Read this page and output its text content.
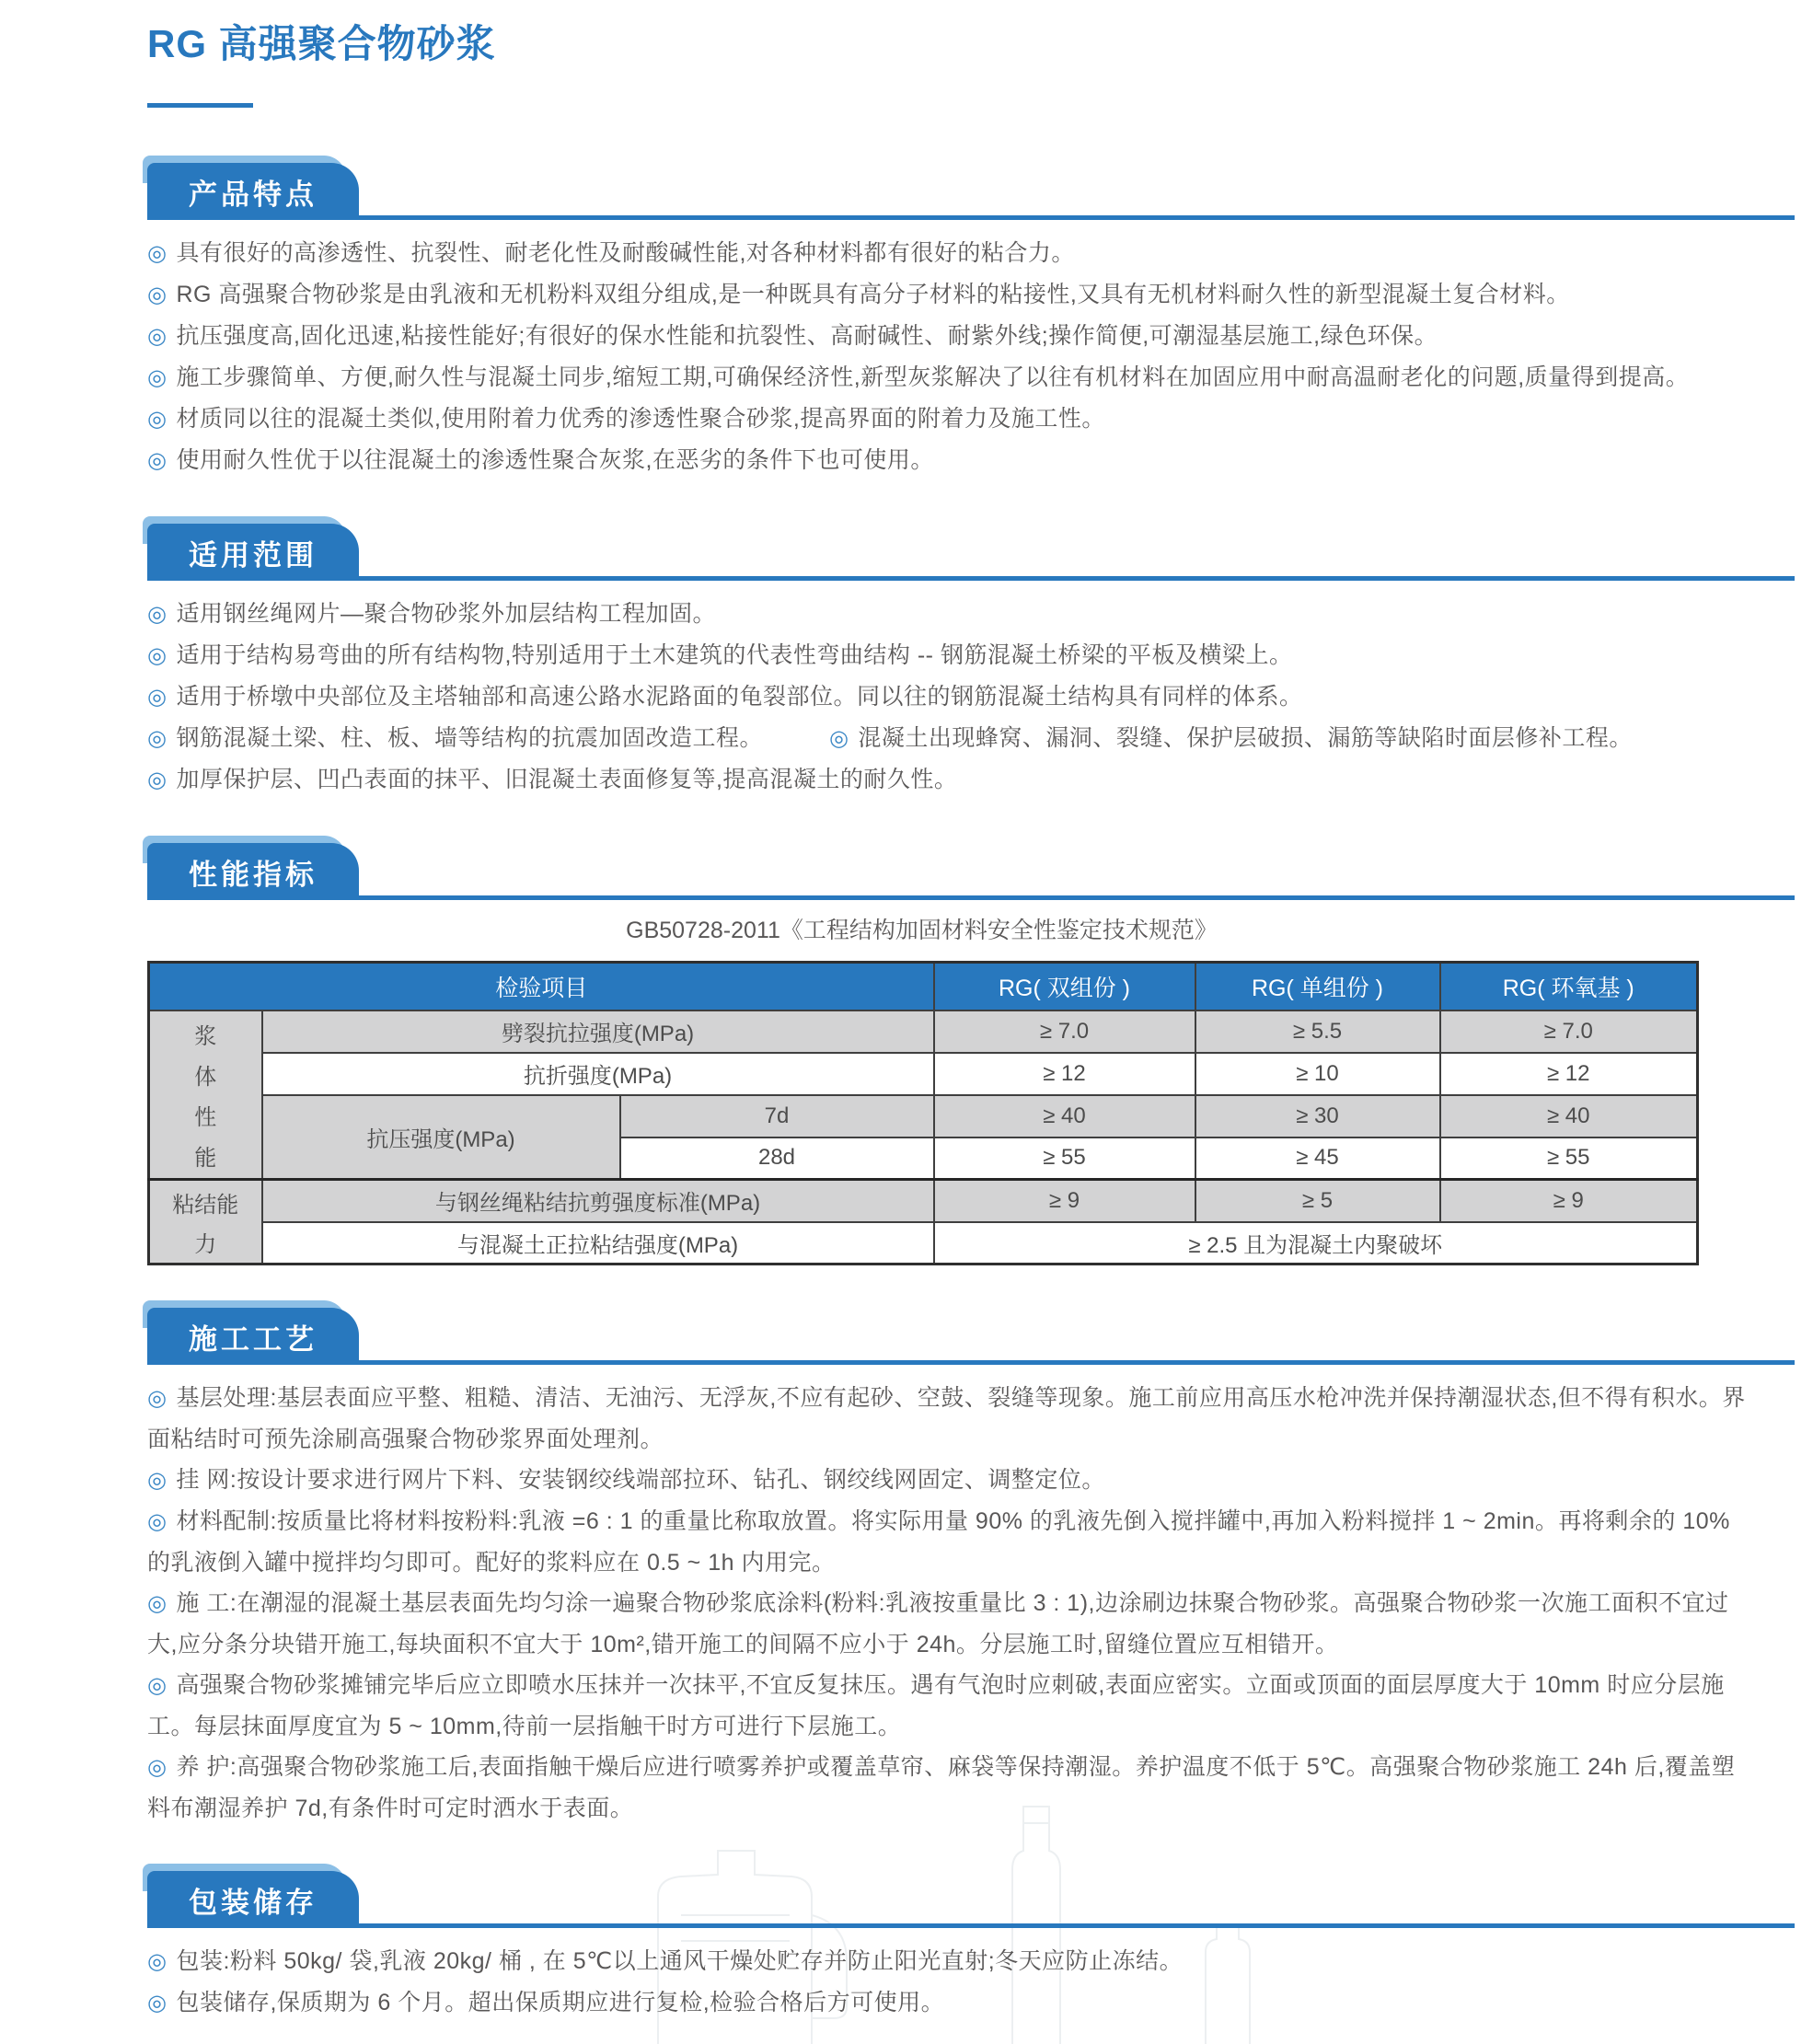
RG 高强聚合物砂浆
产品特点

◎ 具有很好的高渗透性、抗裂性、耐老化性及耐酸碱性能,对各种材料都有很好的粘合力。

◎ RG 高强聚合物砂浆是由乳液和无机粉料双组分组成,是一种既具有高分子材料的粘接性,又具有无机材料耐久性的新型混凝土复合材料。

◎ 抗压强度高,固化迅速,粘接性能好;有很好的保水性能和抗裂性、高耐碱性、耐紫外线;操作简便,可潮湿基层施工,绿色环保。

◎ 施工步骤简单、方便,耐久性与混凝土同步,缩短工期,可确保经济性,新型灰浆解决了以往有机材料在加固应用中耐高温耐老化的问题,质量得到提高。

◎ 材质同以往的混凝土类似,使用附着力优秀的渗透性聚合砂浆,提高界面的附着力及施工性。

◎ 使用耐久性优于以往混凝土的渗透性聚合灰浆,在恶劣的条件下也可使用。

适用范围

◎ 适用钢丝绳网片—聚合物砂浆外加层结构工程加固。

◎ 适用于结构易弯曲的所有结构物,特别适用于土木建筑的代表性弯曲结构 -- 钢筋混凝土桥梁的平板及横梁上。

◎ 适用于桥墩中央部位及主塔轴部和高速公路水泥路面的龟裂部位。同以往的钢筋混凝土结构具有同样的体系。

◎ 钢筋混凝土梁、柱、板、墙等结构的抗震加固改造工程。	◎ 混凝土出现蜂窝、漏洞、裂缝、保护层破损、漏筋等缺陷时面层修补工程。

◎ 加厚保护层、凹凸表面的抹平、旧混凝土表面修复等,提高混凝土的耐久性。

性能指标
GB50728-2011《工程结构加固材料安全性鉴定技术规范》
检验项目			RG( 双组份 )	RG( 单组份 )	RG( 环氧基 )

浆
体
性
能	劈裂抗拉强度(MPa)		≥ 7.0	≥ 5.5	≥ 7.0
	抗折强度(MPa)		≥ 12	≥ 10	≥ 12
	抗压强度(MPa)	7d	≥ 40	≥ 30	≥ 40
		28d	≥ 55	≥ 45	≥ 55

粘结能
力	与钢丝绳粘结抗剪强度标准(MPa)		≥ 9	≥ 5	≥ 9
	与混凝土正拉粘结强度(MPa)		≥ 2.5 且为混凝土内聚破坏		
施工工艺

◎ 基层处理:基层表面应平整、粗糙、清洁、无油污、无浮灰,不应有起砂、空鼓、裂缝等现象。施工前应用高压水枪冲洗并保持潮湿状态,但不得有积水。界面粘结时可预先涂刷高强聚合物砂浆界面处理剂。

◎ 挂 网:按设计要求进行网片下料、安装钢绞线端部拉环、钻孔、钢绞线网固定、调整定位。

◎ 材料配制:按质量比将材料按粉料:乳液 =6 : 1 的重量比称取放置。将实际用量 90% 的乳液先倒入搅拌罐中,再加入粉料搅拌 1 ~ 2min。再将剩余的 10% 的乳液倒入罐中搅拌均匀即可。配好的浆料应在 0.5 ~ 1h 内用完。

◎ 施 工:在潮湿的混凝土基层表面先均匀涂一遍聚合物砂浆底涂料(粉料:乳液按重量比 3 : 1),边涂刷边抹聚合物砂浆。高强聚合物砂浆一次施工面积不宜过大,应分条分块错开施工,每块面积不宜大于 10m²,错开施工的间隔不应小于 24h。分层施工时,留缝位置应互相错开。

◎ 高强聚合物砂浆摊铺完毕后应立即喷水压抹并一次抹平,不宜反复抹压。遇有气泡时应刺破,表面应密实。立面或顶面的面层厚度大于 10mm 时应分层施工。每层抹面厚度宜为 5 ~ 10mm,待前一层指触干时方可进行下层施工。

◎ 养 护:高强聚合物砂浆施工后,表面指触干燥后应进行喷雾养护或覆盖草帘、麻袋等保持潮湿。养护温度不低于 5℃。高强聚合物砂浆施工 24h 后,覆盖塑料布潮湿养护 7d,有条件时可定时洒水于表面。

包装储存

◎ 包装:粉料 50kg/ 袋,乳液 20kg/ 桶 , 在 5℃以上通风干燥处贮存并防止阳光直射;冬天应防止冻结。

◎ 包装储存,保质期为 6 个月。超出保质期应进行复检,检验合格后方可使用。
